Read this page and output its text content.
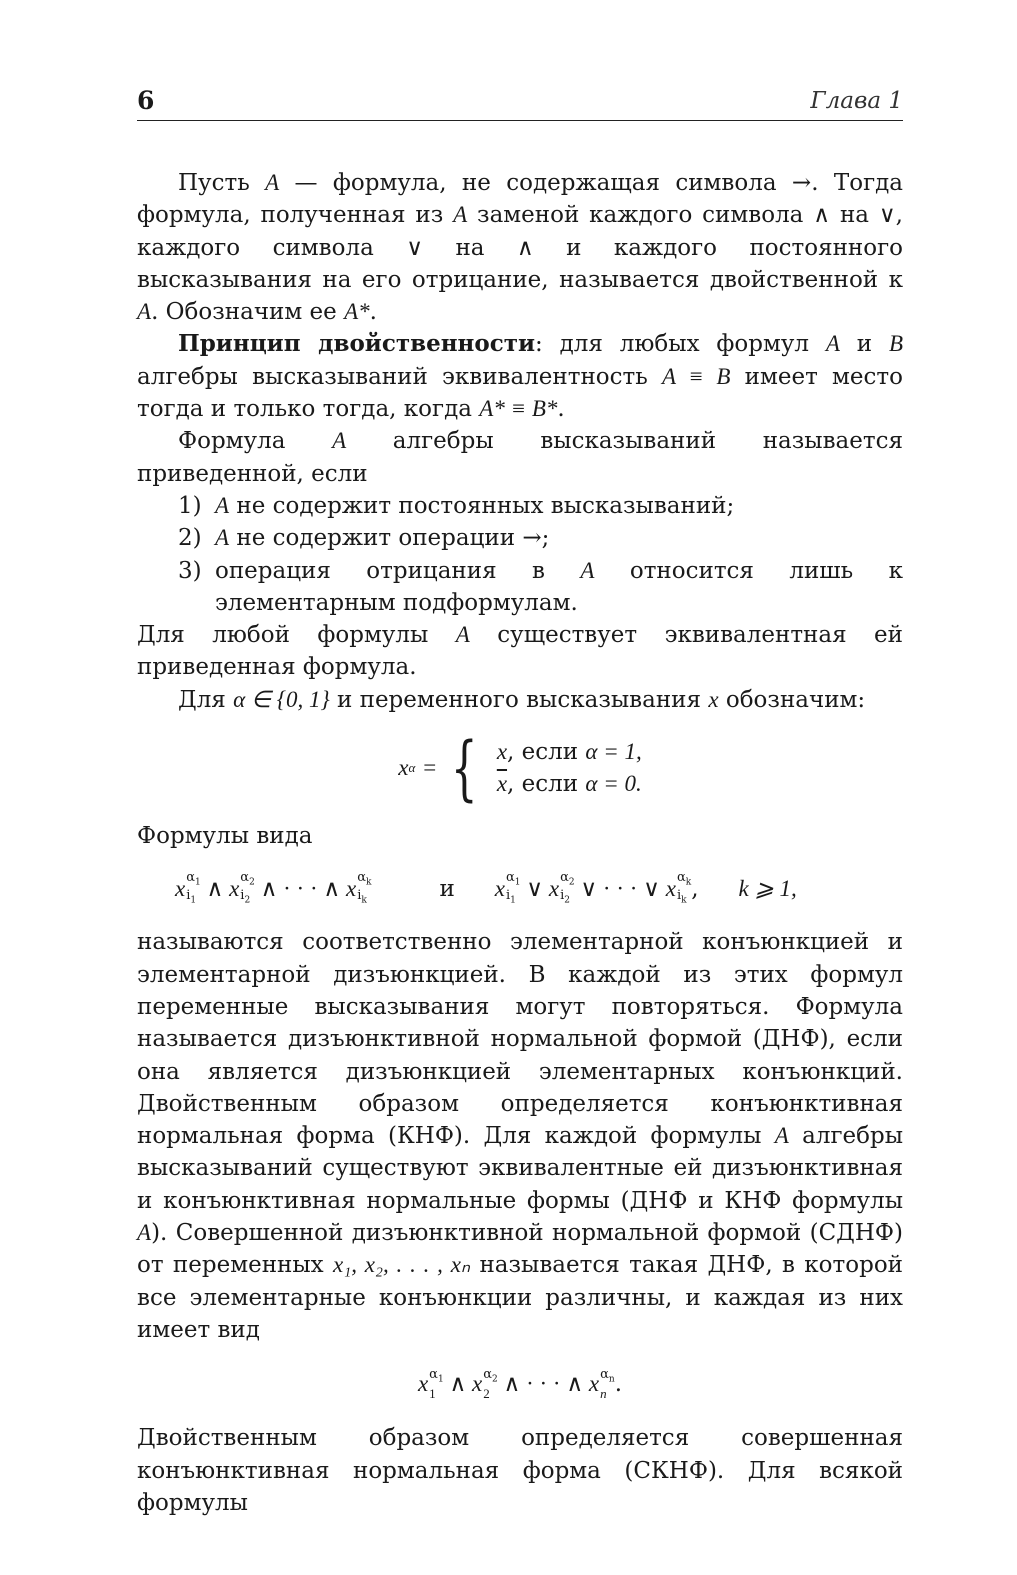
6	Глава 1

Пусть A — формула, не содержащая символа →. Тогда формула, полученная из A заменой каждого символа ∧ на ∨, каждого символа ∨ на ∧ и каждого постоянного высказывания на его отрицание, называется двойственной к A. Обозначим ее A*.

Принцип двойственности: для любых формул A и B алгебры высказываний эквивалентность A ≡ B имеет место тогда и только тогда, когда A* ≡ B*.

Формула A алгебры высказываний называется приведенной, если

1) A не содержит постоянных высказываний;
2) A не содержит операции →;
3) операция отрицания в A относится лишь к элементарным подформулам.

Для любой формулы A существует эквивалентная ей приведенная формула.

Для α ∈ {0, 1} и переменного высказывания x обозначим:

x α = { x, если α = 1,
$\overline{x}$, если α = 0.

Формулы вида

x $\alpha_1$
$i_1$ ∧ x $\alpha_2$
$i_2$ ∧ · · · ∧ x $\alpha_k$
$i_k$	и x $\alpha_1$
$i_1$ ∨ x $\alpha_2$
$i_2$ ∨ · · · ∨ x $\alpha_k$
$i_k$ , k ⩾ 1,

называются соответственно элементарной конъюнкцией и элементарной дизъюнкцией. В каждой из этих формул переменные высказывания могут повторяться. Формула называется дизъюнктивной нормальной формой (ДНФ), если она является дизъюнкцией элементарных конъюнкций. Двойственным образом определяется конъюнктивная нормальная форма (КНФ). Для каждой формулы A алгебры высказываний существуют эквивалентные ей дизъюнктивная и конъюнктивная нормальные формы (ДНФ и КНФ формулы A). Совершенной дизъюнктивной нормальной формой (СДНФ) от переменных x₁, x₂, . . . , xₙ называется такая ДНФ, в которой все элементарные конъюнкции различны, и каждая из них имеет вид

x $\alpha_1$
1 ∧ x $\alpha_2$
2 ∧ · · · ∧ x $\alpha_n$
n .

Двойственным образом определяется совершенная конъюнктивная нормальная форма (СКНФ). Для всякой формулы
